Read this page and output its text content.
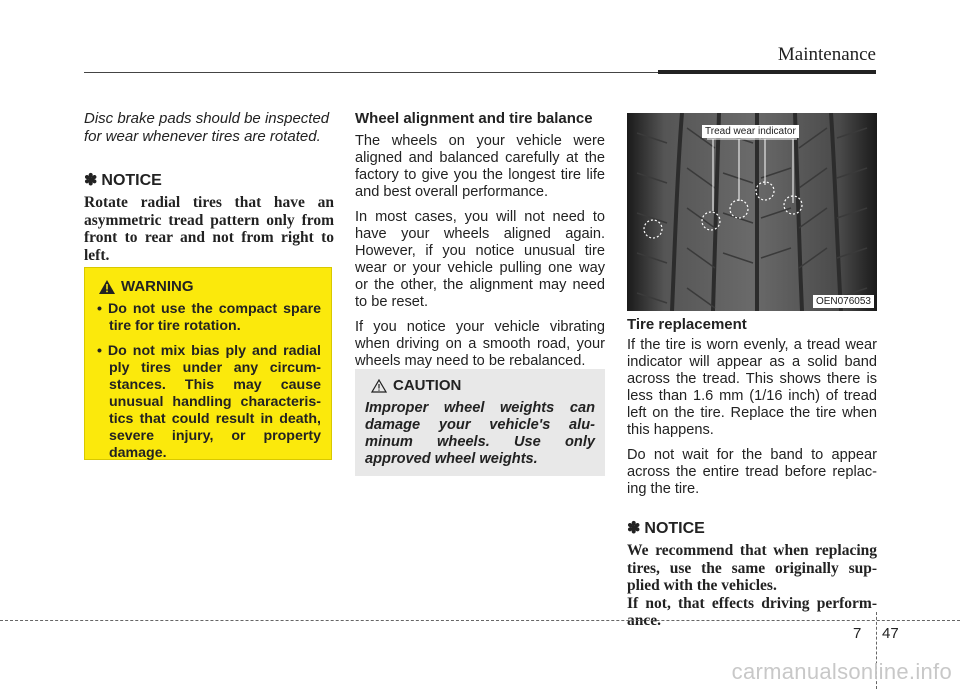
Maintenance

Disc brake pads should be inspected for wear whenever tires are rotated.

✽ NOTICE

Rotate radial tires that have an asymmetric tread pattern only from front to rear and not from right to left.

WARNING
• Do not use the compact spare tire for tire rotation.
• Do not mix bias ply and radial ply tires under any circum-stances. This may cause unusual handling characteris-tics that could result in death, severe injury, or property damage.

Wheel alignment and tire balance

The wheels on your vehicle were aligned and balanced carefully at the factory to give you the longest tire life and best overall performance.

In most cases, you will not need to have your wheels aligned again. However, if you notice unusual tire wear or your vehicle pulling one way or the other, the alignment may need to be reset.

If you notice your vehicle vibrating when driving on a smooth road, your wheels may need to be rebalanced.

CAUTION

Improper wheel weights can damage your vehicle's alu-minum wheels. Use only approved wheel weights.

Tread wear indicator
OEN076053

Tire replacement

If the tire is worn evenly, a tread wear indicator will appear as a solid band across the tread. This shows there is less than 1.6 mm (1/16 inch) of tread left on the tire. Replace the tire when this happens.

Do not wait for the band to appear across the entire tread before replac-ing the tire.

✽ NOTICE

We recommend that when replacing tires, use the same originally sup-plied with the vehicles.
If not, that effects driving perform-ance.

7 47
carmanualsonline.info
